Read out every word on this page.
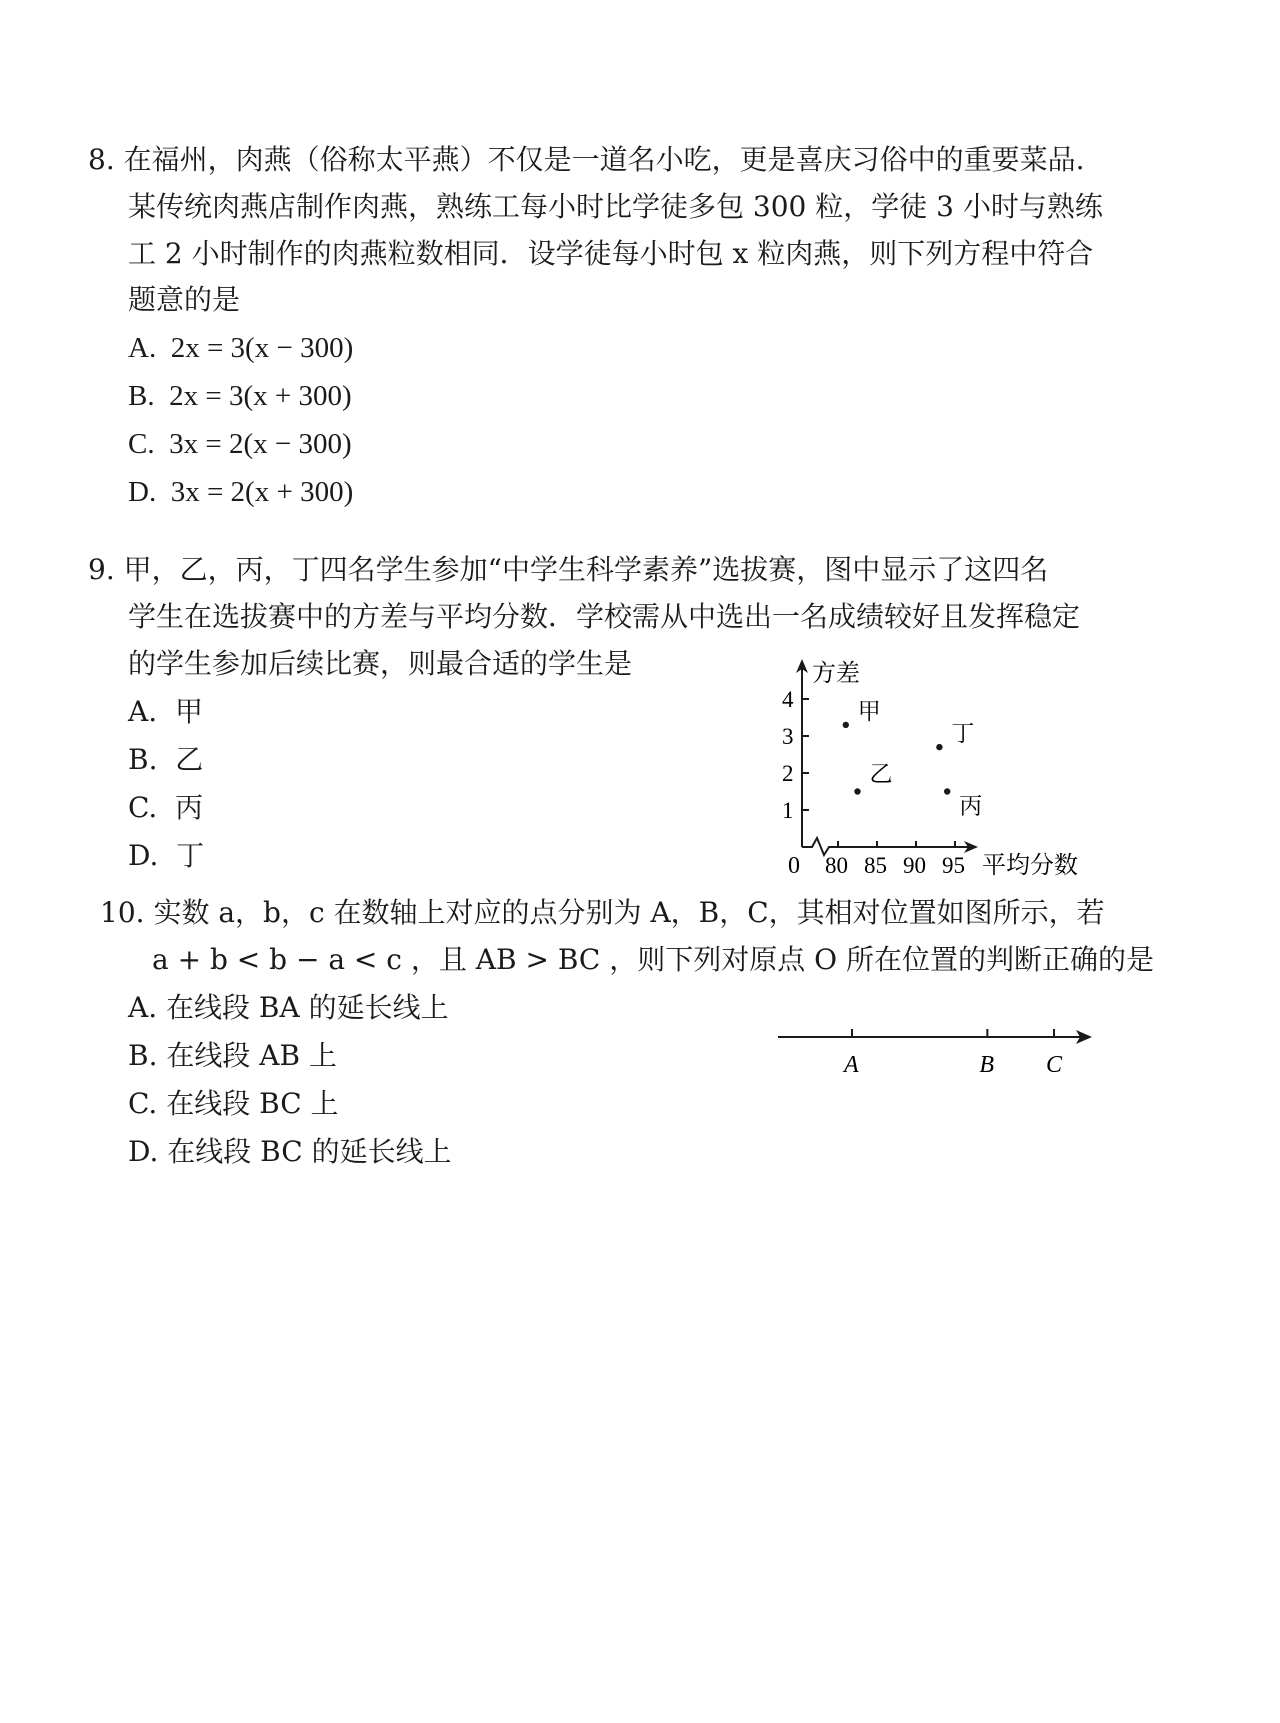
8. 在福州，肉燕（俗称太平燕）不仅是一道名小吃，更是喜庆习俗中的重要菜品.
某传统肉燕店制作肉燕，熟练工每小时比学徒多包 300 粒，学徒 3 小时与熟练
工 2 小时制作的肉燕粒数相同．设学徒每小时包 x 粒肉燕，则下列方程中符合
题意的是
A. 2x = 3(x − 300)
B. 2x = 3(x + 300)
C. 3x = 2(x − 300)
D. 3x = 2(x + 300)
9. 甲，乙，丙，丁四名学生参加“中学生科学素养”选拔赛，图中显示了这四名
学生在选拔赛中的方差与平均分数．学校需从中选出一名成绩较好且发挥稳定
的学生参加后续比赛，则最合适的学生是
A. 甲
B. 乙
C. 丙
D. 丁
1
2
3
4
80 85 90 95
甲
乙
丙
丁
方差
平均分数
0
10. 实数 a，b，c 在数轴上对应的点分别为 A，B，C，其相对位置如图所示，若
a + b < b − a < c ，且 AB > BC ，则下列对原点 O 所在位置的判断正确的是
A. 在线段 BA 的延长线上
B. 在线段 AB 上
C. 在线段 BC 上
D. 在线段 BC 的延长线上
A	B C
